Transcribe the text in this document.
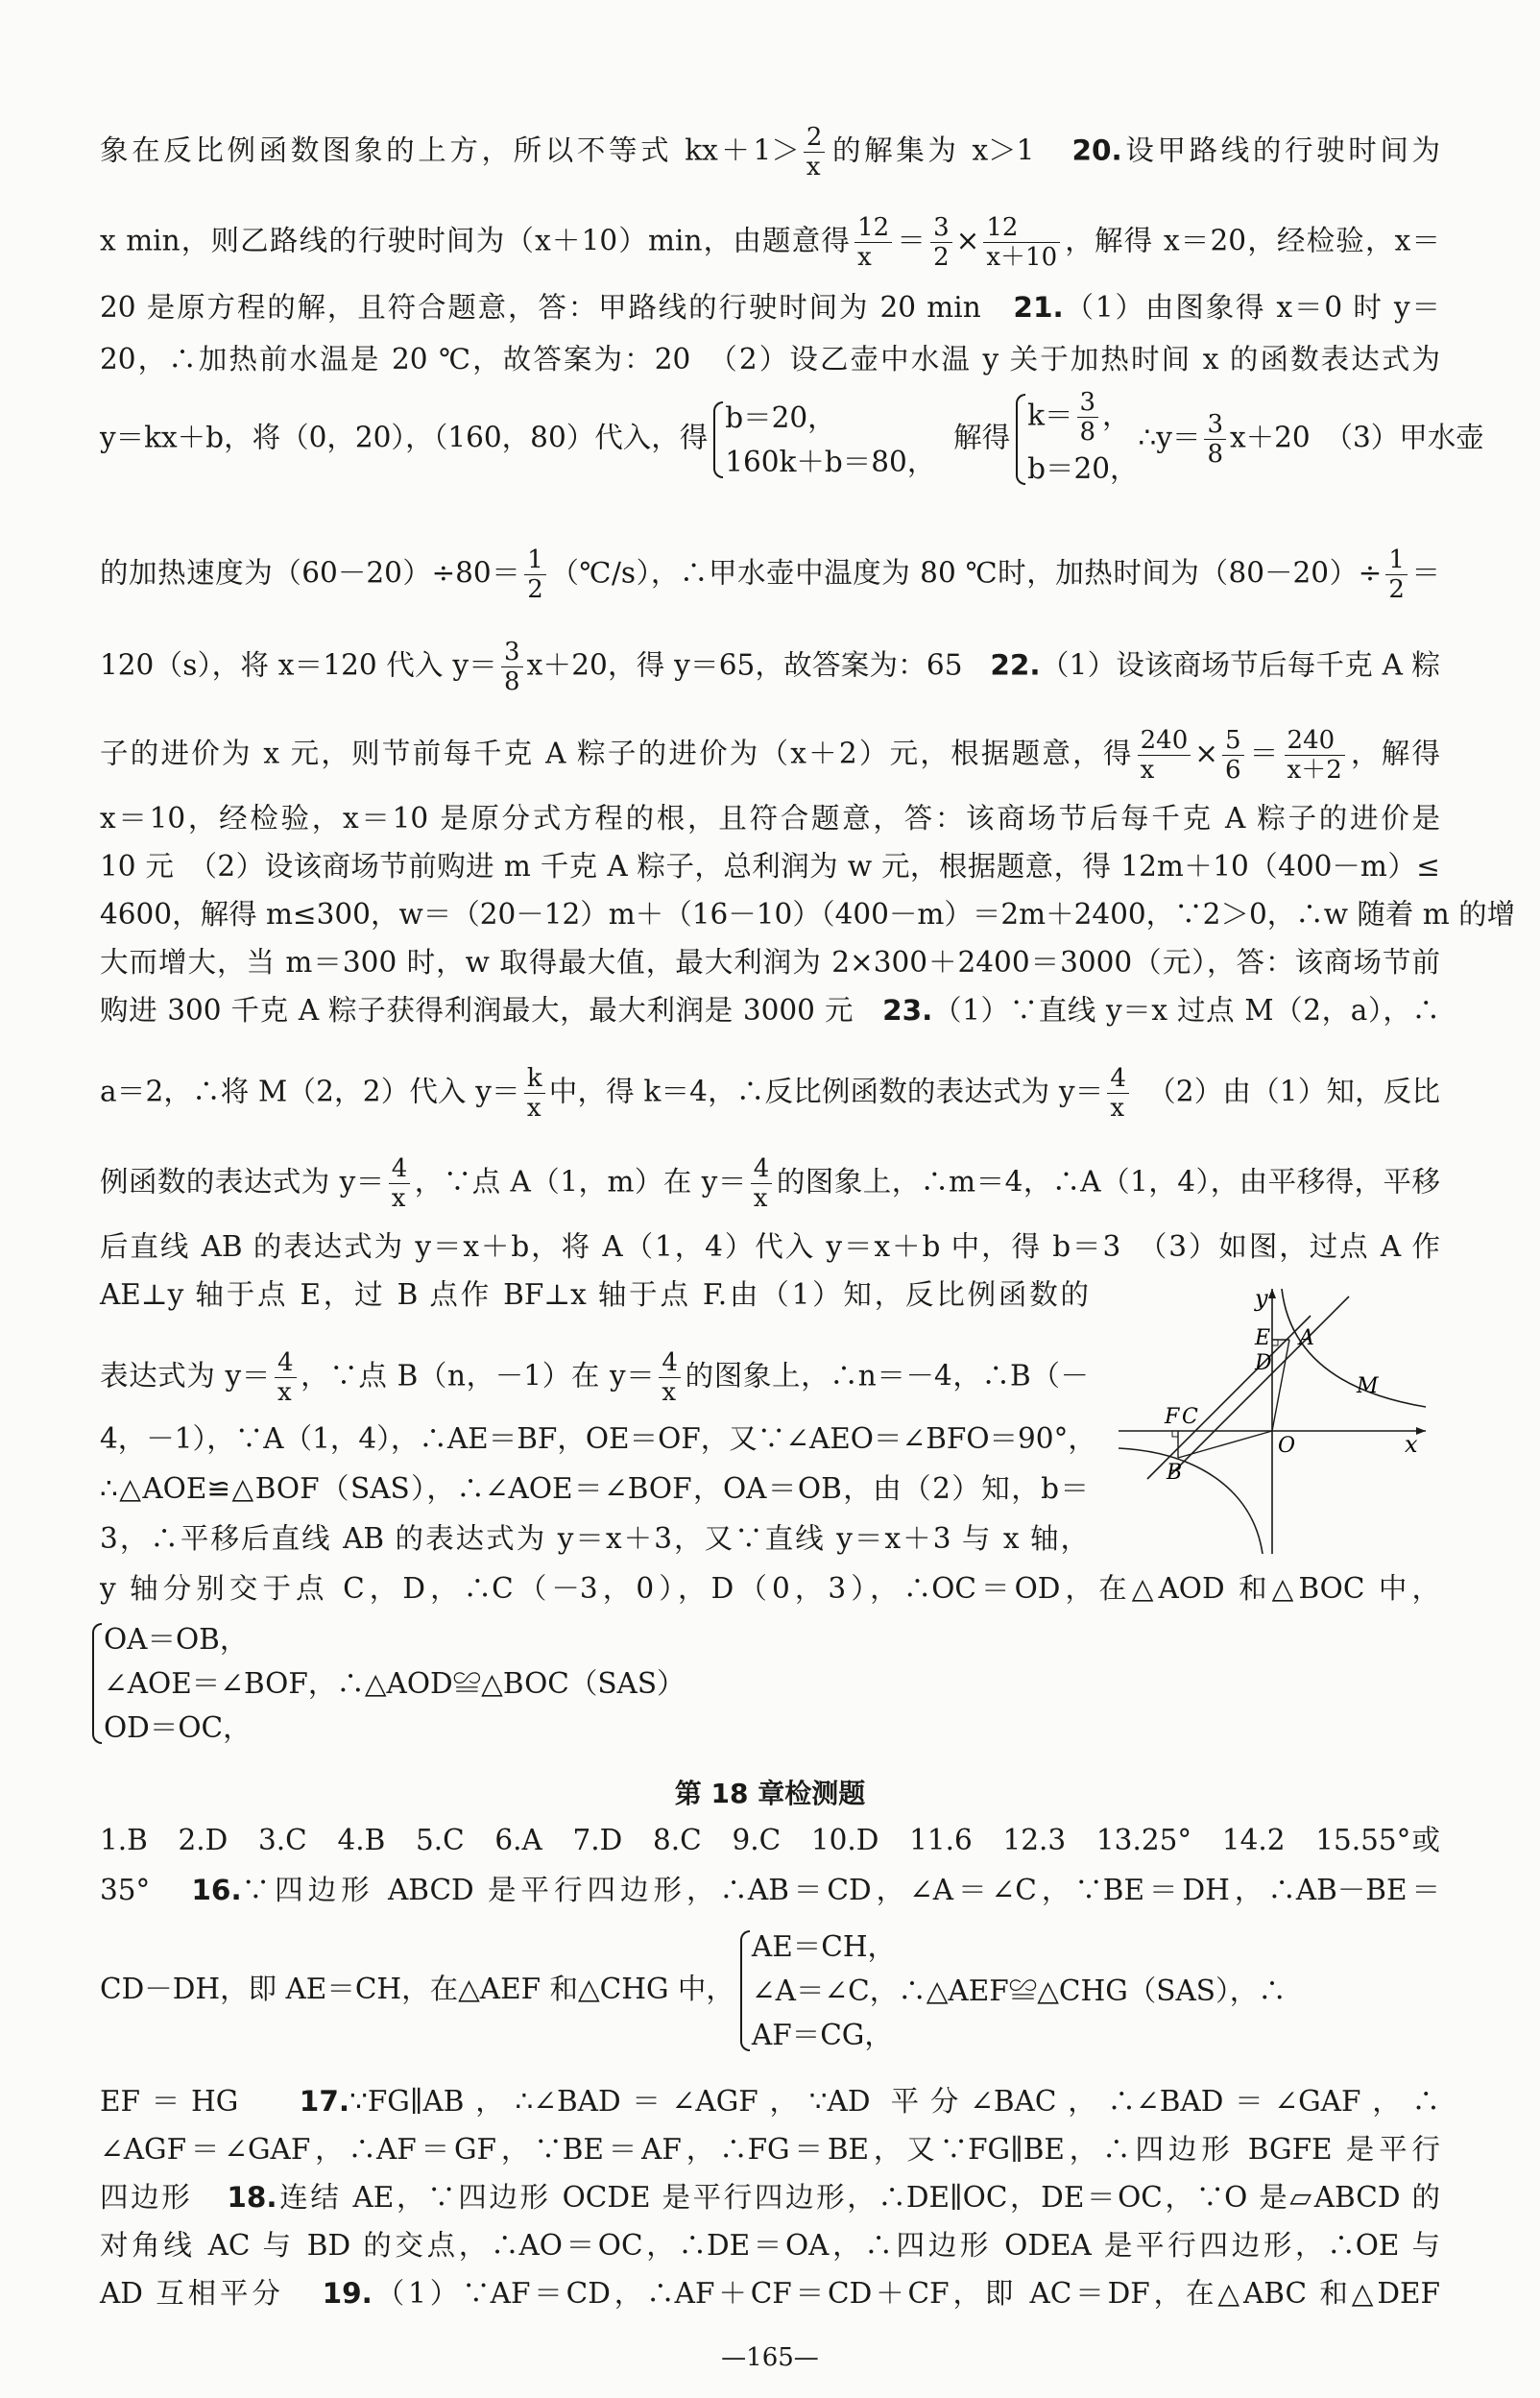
象在反比例函数图象的上方，所以不等式 $kx+1> \frac{2}{x}$ 的解集为 x＞1 20.设甲路线的行驶时间为
x min，则乙路线的行驶时间为（x＋10）min，由题意得 $\frac{12}{x} = \frac{3}{2} \times \frac{12}{x+10}$ ，解得 x＝20，经检验，x＝
20 是原方程的解，且符合题意，答：甲路线的行驶时间为 20 min 21.（1）由图象得 x＝0 时 y＝
20，∴加热前水温是 20 ℃，故答案为：20　（2）设乙壶中水温 y 关于加热时间 x 的函数表达式为
y＝kx＋b，将（0，20），（160，80）代入，得
b＝20，
160k＋b＝80，
解得
$k= \frac{3}{8}$ ，
b＝20，
∴y＝ $\frac{3}{8} x+20$　（3）甲水壶
的加热速度为$(60-20)\div 80= \frac{1}{2}$ （℃/s），∴甲水壶中温度为 80 ℃时，加热时间为$(80-20)\div \frac{1}{2}$ ＝
120（s），将 x＝120 代入 $y= \frac{3}{8} x+20$，得 y＝65，故答案为：65 22.（1）设该商场节后每千克 A 粽
子的进价为 x 元，则节前每千克 A 粽子的进价为（x＋2）元，根据题意，得 $\frac{240}{x} \times \frac{5}{6} = \frac{240}{x+2}$ ，解得
x＝10，经检验，x＝10 是原分式方程的根，且符合题意，答：该商场节后每千克 A 粽子的进价是
10 元　（2）设该商场节前购进 m 千克 A 粽子，总利润为 w 元，根据题意，得 12m＋10（400－m）≤
4600，解得 m≤300，w＝（20－12）m＋（16－10）（400－m）＝2m＋2400，∵2＞0，∴w 随着 m 的增
大而增大，当 m＝300 时，w 取得最大值，最大利润为 2×300＋2400＝3000（元），答：该商场节前
购进 300 千克 A 粽子获得利润最大，最大利润是 3000 元 23.（1）∵直线 y＝x 过点 M（2，a），∴
a＝2，∴将 M（2，2）代入 $y= \frac{k}{x}$ 中，得 k＝4，∴反比例函数的表达式为 $y= \frac{4}{x}$ 　（2）由（1）知，反比
例函数的表达式为 $y= \frac{4}{x}$ ，∵点 A（1，m）在 $y= \frac{4}{x}$ 的图象上，∴m＝4，∴A（1，4），由平移得，平移
后直线 AB 的表达式为 y＝x＋b，将 A（1，4）代入 y＝x＋b 中，得 b＝3　（3）如图，过点 A 作
AE⊥y 轴于点 E，过 B 点作 BF⊥x 轴于点 F.由（1）知，反比例函数的
表达式为 $y= \frac{4}{x}$ ，∵点 B（n，－1）在 $y= \frac{4}{x}$ 的图象上，∴n＝－4，∴B（－
4，－1），∵A（1，4），∴AE＝BF，OE＝OF，又∵∠AEO＝∠BFO＝90°，
∴△AOE≌△BOF（SAS），∴∠AOE＝∠BOF，OA＝OB，由（2）知，b＝
3，∴平移后直线 AB 的表达式为 y＝x＋3，又∵直线 y＝x＋3 与 x 轴，
y 轴分别交于点 C，D，∴C（－3，0），D（0，3），∴OC＝OD，在△AOD 和△BOC 中，
OA＝OB，
∠AOE＝∠BOF，∴△AOD≌△BOC（SAS）
OD＝OC，
y
E
D
A
M
F C
O	x
B
第 18 章检测题
1.B　2.D　3.C　4.B　5.C　6.A　7.D　8.C　9.C　10.D　11.6　12.3　13.25°　14.2　15.55°或
35° 16.∵四边形 ABCD 是平行四边形，∴AB＝CD，∠A＝∠C，∵BE＝DH，∴AB－BE＝
CD－DH，即 AE＝CH，在△AEF 和△CHG 中，
AE＝CH，
∠A＝∠C，∴△AEF≌△CHG（SAS），∴
AF＝CG，
EF＝HG 17.∵FG∥AB，∴∠BAD＝∠AGF，∵AD 平分∠BAC，∴∠BAD＝∠GAF，∴
∠AGF＝∠GAF，∴AF＝GF，∵BE＝AF，∴FG＝BE，又∵FG∥BE，∴四边形 BGFE 是平行
四边形 18.连结 AE，∵四边形 OCDE 是平行四边形，∴DE∥OC，DE＝OC，∵O 是▱ABCD 的
对角线 AC 与 BD 的交点，∴AO＝OC，∴DE＝OA，∴四边形 ODEA 是平行四边形，∴OE 与
AD 互相平分 19.（1）∵AF＝CD，∴AF＋CF＝CD＋CF，即 AC＝DF，在△ABC 和△DEF
—165—
